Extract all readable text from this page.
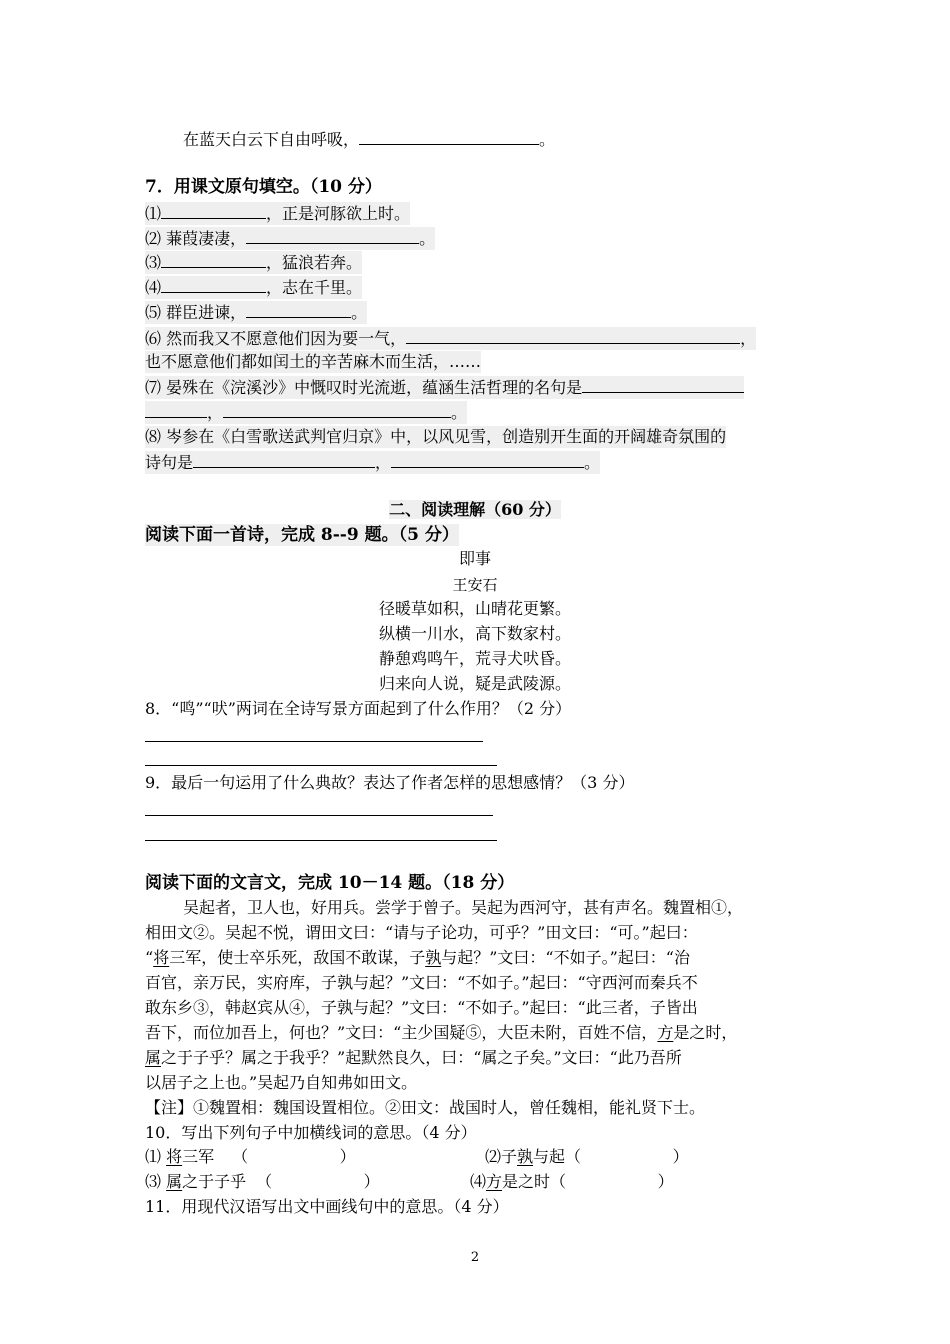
在蓝天白云下自由呼吸，	。
7．用课文原句填空。（10 分）
⑴	，正是河豚欲上时。
⑵ 蒹葭凄凄，	。
⑶	，猛浪若奔。
⑷	，志在千里。
⑸ 群臣进谏，	。
⑹ 然而我又不愿意他们因为要一气，	，
也不愿意他们都如闰土的辛苦麻木而生活，……
⑺ 晏殊在《浣溪沙》中慨叹时光流逝，蕴涵生活哲理的名句是
，	。
⑻ 岑参在《白雪歌送武判官归京》中，以风见雪，创造别开生面的开阔雄奇氛围的
诗句是	，	。
二、阅读理解（60 分）
阅读下面一首诗，完成 8--9 题。（5 分）
即事
王安石
径暖草如积，山晴花更繁。
纵横一川水，高下数家村。
静憩鸡鸣午，荒寻犬吠昏。
归来向人说，疑是武陵源。
8．“鸣”“吠”两词在全诗写景方面起到了什么作用？（2 分）
9．最后一句运用了什么典故？表达了作者怎样的思想感情？（3 分）
阅读下面的文言文，完成 10－14 题。（18 分）
吴起者，卫人也，好用兵。尝学于曾子。吴起为西河守，甚有声名。魏置相①，
相田文②。吴起不悦，谓田文曰：“请与子论功，可乎？”田文曰：“可。”起曰：
“将三军，使士卒乐死，敌国不敢谋，子孰与起？”文曰：“不如子。”起曰：“治
百官，亲万民，实府库，子孰与起？”文曰：“不如子。”起曰：“守西河而秦兵不
敢东乡③，韩赵宾从④，子孰与起？”文曰：“不如子。”起曰：“此三者，子皆出
吾下，而位加吾上，何也？”文曰：“主少国疑⑤，大臣未附，百姓不信，方是之时，
属之于子乎？属之于我乎？”起默然良久，曰：“属之子矣。”文曰：“此乃吾所
以居子之上也。”吴起乃自知弗如田文。
【注】①魏置相：魏国设置相位。②田文：战国时人，曾任魏相，能礼贤下士。
10．写出下列句子中加横线词的意思。（4 分）
⑴ 将三军 （                  ）	⑵子孰与起（                  ）
⑶ 属之于子乎 （                  ）	⑷方是之时（                  ）
11．用现代汉语写出文中画线句中的意思。（4 分）
2
